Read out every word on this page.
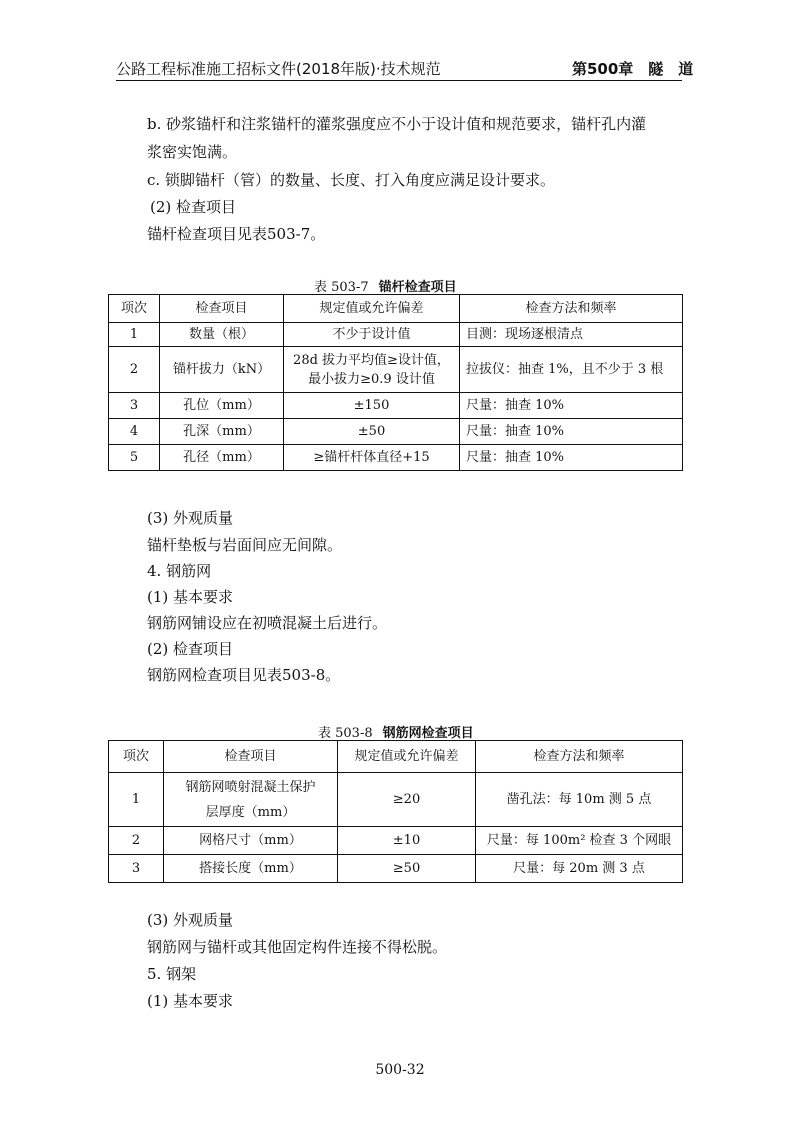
公路工程标准施工招标文件(2018年版)·技术规范	第500章　隧　道
b. 砂浆锚杆和注浆锚杆的灌浆强度应不小于设计值和规范要求，锚杆孔内灌
浆密实饱满。
c. 锁脚锚杆（管）的数量、长度、打入角度应满足设计要求。
(2) 检查项目
锚杆检查项目见表503-7。
表 503-7 锚杆检查项目
项次	检查项目	规定值或允许偏差	检查方法和频率
1	数量（根）	不少于设计值	目测：现场逐根清点
2	锚杆拔力（kN）	28d 拔力平均值≥设计值，
最小拔力≥0.9 设计值	拉拔仪：抽查 1%，且不少于 3 根
3	孔位（mm）	±150	尺量：抽查 10%
4	孔深（mm）	±50	尺量：抽查 10%
5	孔径（mm）	≥锚杆杆体直径+15	尺量：抽查 10%
(3) 外观质量
锚杆垫板与岩面间应无间隙。
4. 钢筋网
(1) 基本要求
钢筋网铺设应在初喷混凝土后进行。
(2) 检查项目
钢筋网检查项目见表503-8。
表 503-8 钢筋网检查项目
项次	检查项目	规定值或允许偏差	检查方法和频率
1	钢筋网喷射混凝土保护
层厚度（mm）	≥20	凿孔法：每 10m 测 5 点
2	网格尺寸（mm）	±10	尺量：每 100m² 检查 3 个网眼
3	搭接长度（mm）	≥50	尺量：每 20m 测 3 点
(3) 外观质量
钢筋网与锚杆或其他固定构件连接不得松脱。
5. 钢架
(1) 基本要求
500-32
